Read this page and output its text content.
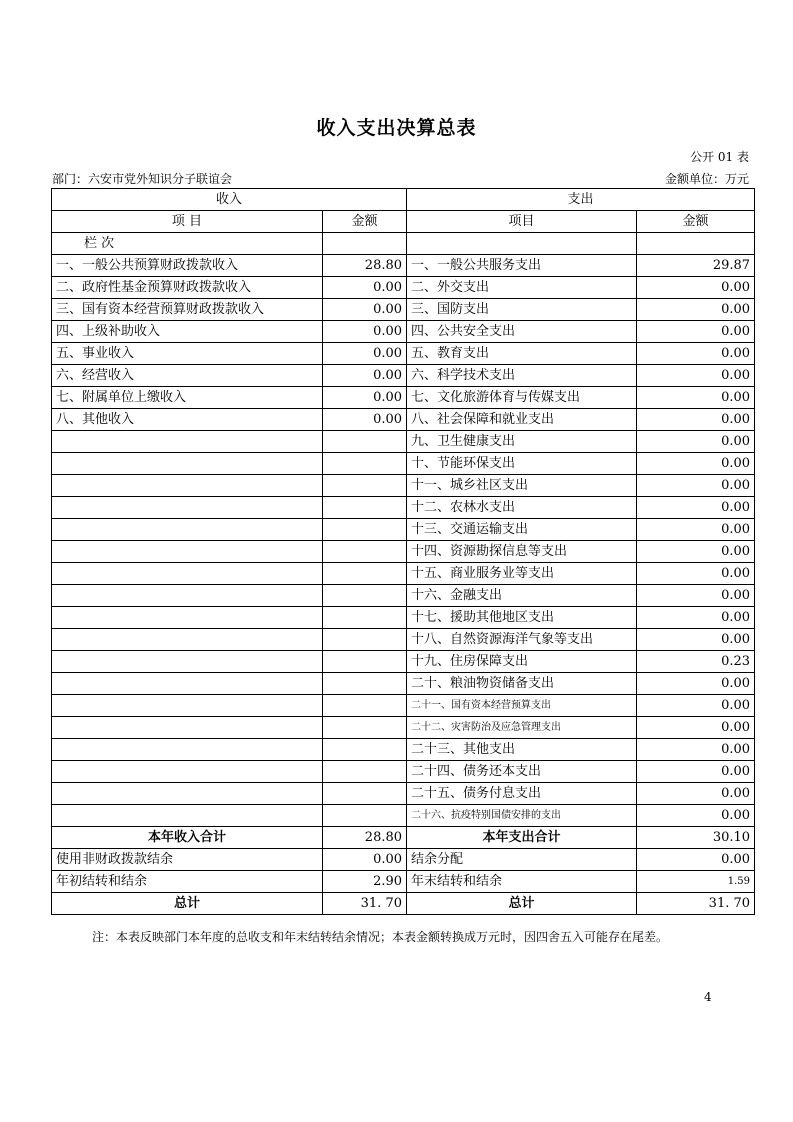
收入支出决算总表
公开 01 表
部门：六安市党外知识分子联谊会	金额单位：万元
收入		支出	
项 目	金额	项目	金额
栏 次			
一、一般公共预算财政拨款收入	28.80	一、一般公共服务支出	29.87
二、政府性基金预算财政拨款收入	0.00	二、外交支出	0.00
三、国有资本经营预算财政拨款收入	0.00	三、国防支出	0.00
四、上级补助收入	0.00	四、公共安全支出	0.00
五、事业收入	0.00	五、教育支出	0.00
六、经营收入	0.00	六、科学技术支出	0.00
七、附属单位上缴收入	0.00	七、文化旅游体育与传媒支出	0.00
八、其他收入	0.00	八、社会保障和就业支出	0.00
		九、卫生健康支出	0.00
		十、节能环保支出	0.00
		十一、城乡社区支出	0.00
		十二、农林水支出	0.00
		十三、交通运输支出	0.00
		十四、资源勘探信息等支出	0.00
		十五、商业服务业等支出	0.00
		十六、金融支出	0.00
		十七、援助其他地区支出	0.00
		十八、自然资源海洋气象等支出	0.00
		十九、住房保障支出	0.23
		二十、粮油物资储备支出	0.00
		二十一、国有资本经营预算支出	0.00
		二十二、灾害防治及应急管理支出	0.00
		二十三、其他支出	0.00
		二十四、债务还本支出	0.00
		二十五、债务付息支出	0.00
		二十六、抗疫特别国债安排的支出	0.00
本年收入合计	28.80	本年支出合计	30.10
使用非财政拨款结余	0.00	结余分配	0.00
年初结转和结余	2.90	年末结转和结余	1.59
总计	31. 70	总计	31. 70
注：本表反映部门本年度的总收支和年末结转结余情况；本表金额转换成万元时，因四舍五入可能存在尾差。
4
